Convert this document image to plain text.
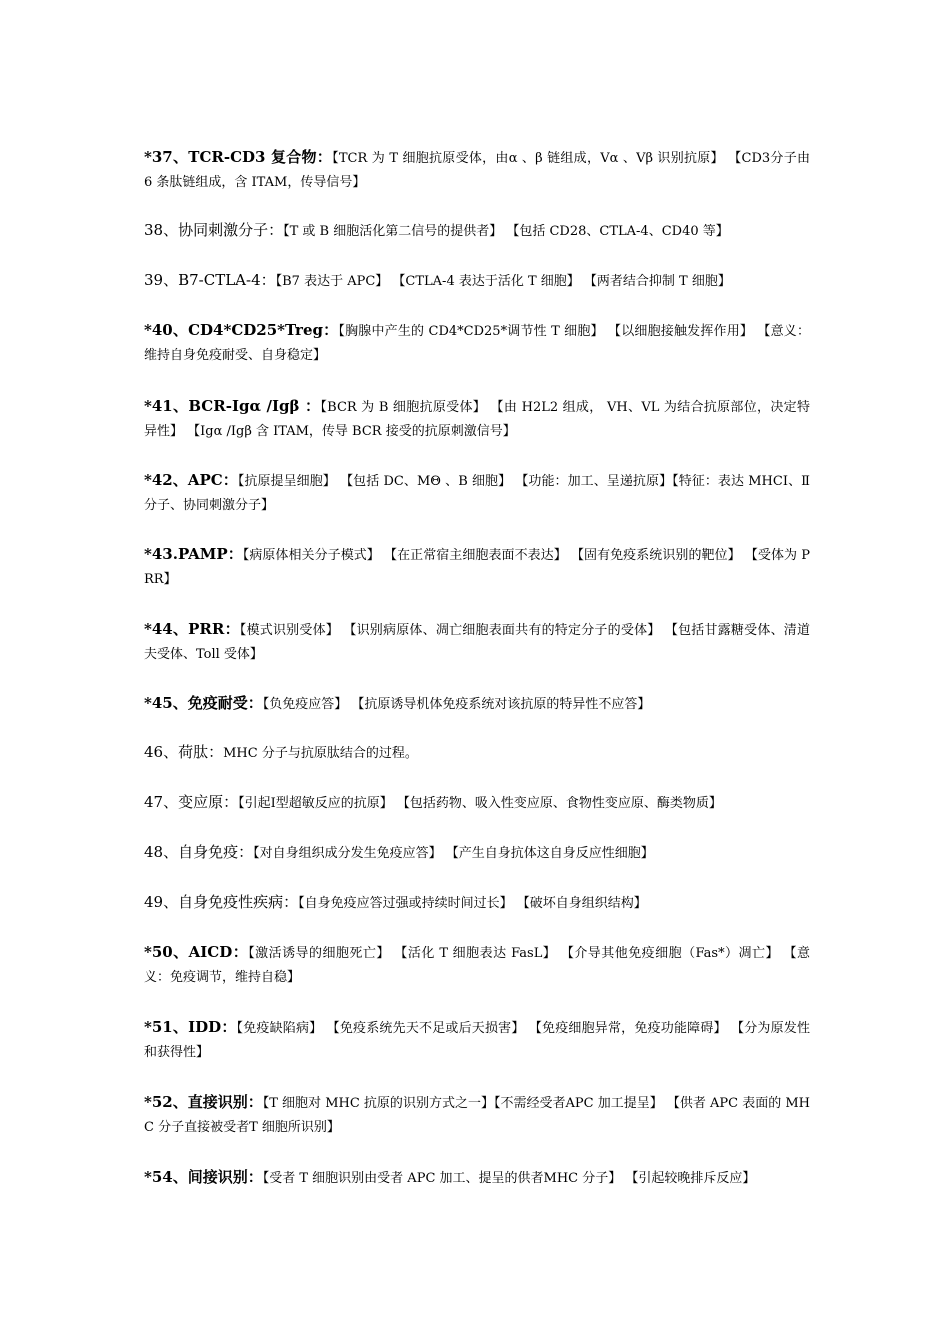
*37、TCR-CD3 复合物：【TCR 为 T 细胞抗原受体，由α 、β 链组成，Vα 、Vβ 识别抗原】 【CD3分子由 6 条肽链组成，含 ITAM，传导信号】
38、协同刺激分子：【T 或 B 细胞活化第二信号的提供者】 【包括 CD28、CTLA-4、CD40 等】
39、B7-CTLA-4：【B7 表达于 APC】 【CTLA-4 表达于活化 T 细胞】 【两者结合抑制 T 细胞】
*40、CD4*CD25*Treg：【胸腺中产生的 CD4*CD25*调节性 T 细胞】 【以细胞接触发挥作用】 【意义：维持自身免疫耐受、自身稳定】
*41、BCR-Igα /Igβ ：【BCR 为 B 细胞抗原受体】 【由 H2L2 组成， VH、VL 为结合抗原部位，决定特异性】 【Igα /Igβ 含 ITAM，传导 BCR 接受的抗原刺激信号】
*42、APC：【抗原提呈细胞】 【包括 DC、MΘ 、B 细胞】 【功能：加工、呈递抗原】【特征：表达 MHCⅠ、Ⅱ分子、协同刺激分子】
*43.PAMP：【病原体相关分子模式】 【在正常宿主细胞表面不表达】 【固有免疫系统识别的靶位】 【受体为 PRR】
*44、PRR：【模式识别受体】 【识别病原体、凋亡细胞表面共有的特定分子的受体】 【包括甘露糖受体、清道夫受体、Toll 受体】
*45、免疫耐受：【负免疫应答】 【抗原诱导机体免疫系统对该抗原的特异性不应答】
46、荷肽：MHC 分子与抗原肽结合的过程。
47、变应原：【引起Ⅰ型超敏反应的抗原】 【包括药物、吸入性变应原、食物性变应原、酶类物质】
48、自身免疫：【对自身组织成分发生免疫应答】 【产生自身抗体这自身反应性细胞】
49、自身免疫性疾病：【自身免疫应答过强或持续时间过长】 【破坏自身组织结构】
*50、AICD：【激活诱导的细胞死亡】 【活化 T 细胞表达 FasL】 【介导其他免疫细胞（Fas*）凋亡】 【意义：免疫调节，维持自稳】
*51、IDD：【免疫缺陷病】 【免疫系统先天不足或后天损害】 【免疫细胞异常，免疫功能障碍】 【分为原发性和获得性】
*52、直接识别：【T 细胞对 MHC 抗原的识别方式之一】【不需经受者APC 加工提呈】 【供者 APC 表面的 MHC 分子直接被受者T 细胞所识别】
*54、间接识别：【受者 T 细胞识别由受者 APC 加工、提呈的供者MHC 分子】 【引起较晚排斥反应】
